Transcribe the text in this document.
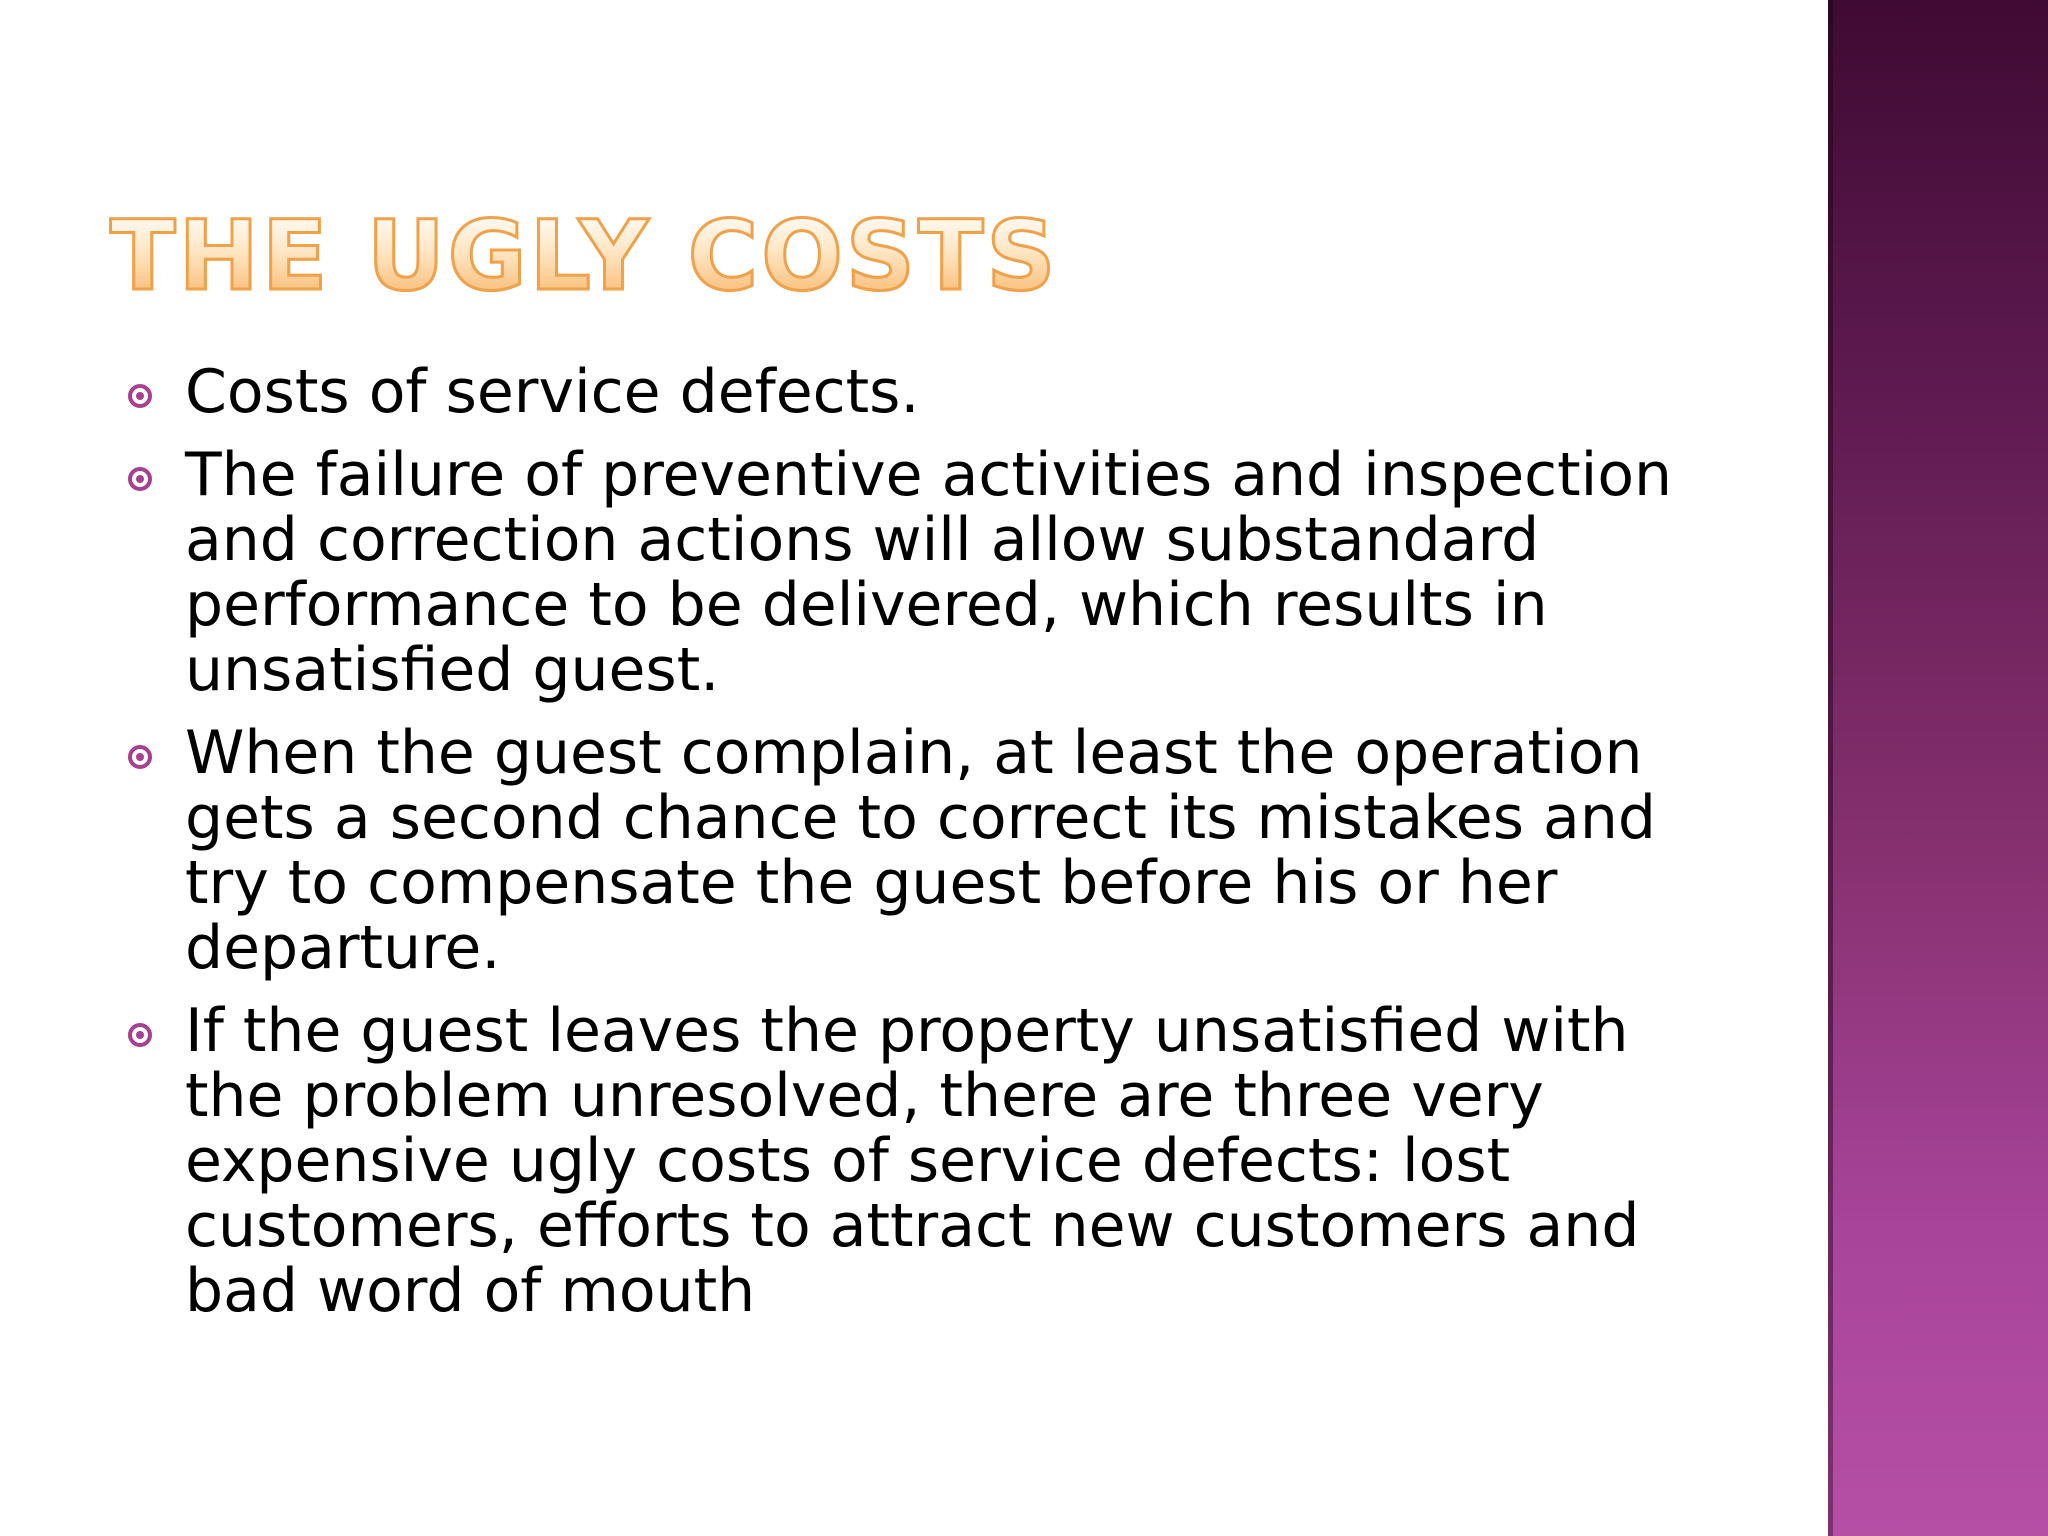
THE UGLY COSTS
Costs of service defects.
The failure of preventive activities and inspection and correction actions will allow substandard performance to be delivered, which results in unsatisfied guest.
When the guest complain, at least the operation gets a second chance to correct its mistakes and try to compensate the guest before his or her departure.
If the guest leaves the property unsatisfied with the problem unresolved, there are three very expensive ugly costs of service defects: lost customers, efforts to attract new customers and bad word of mouth
